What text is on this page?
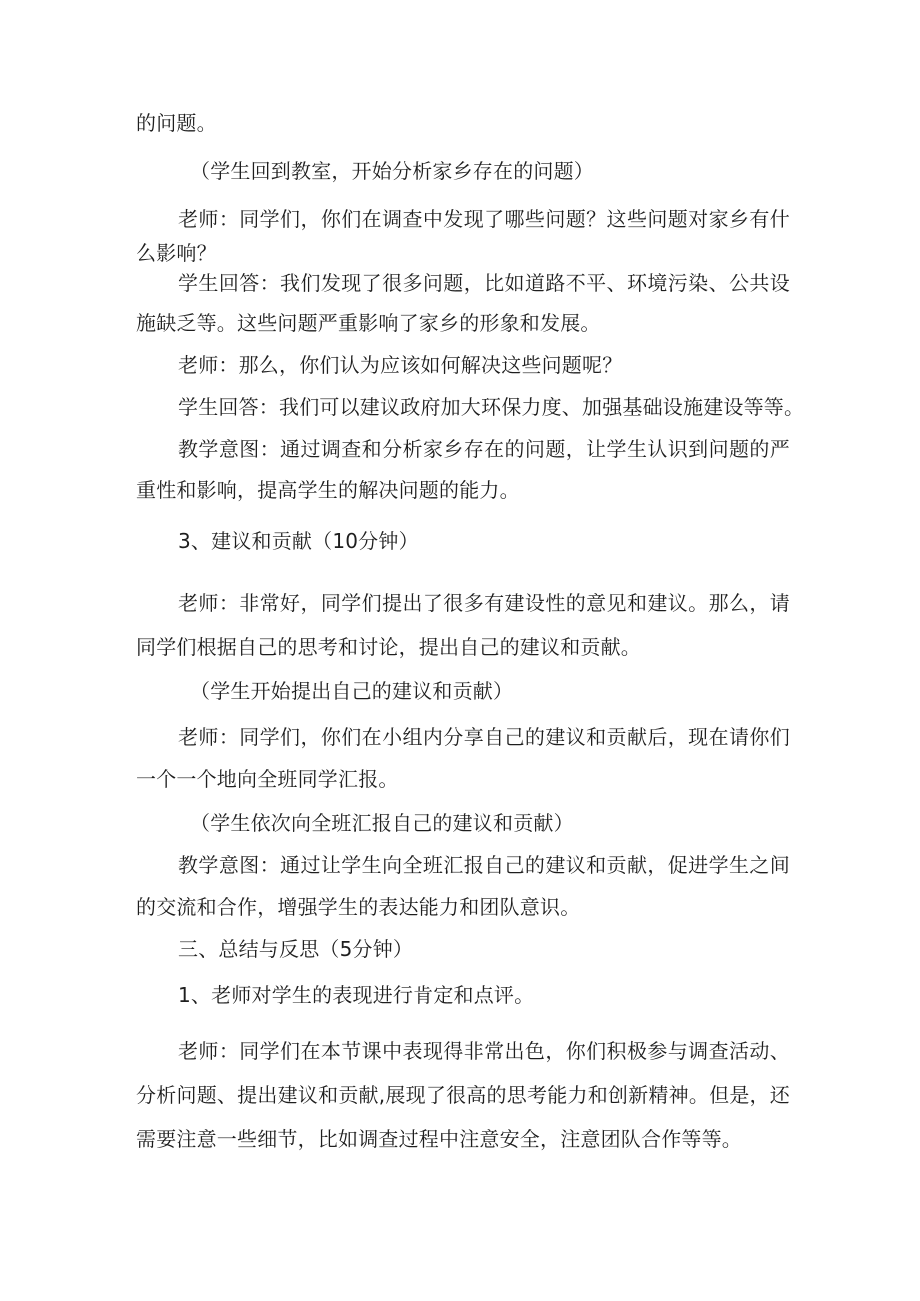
的问题。

（学生回到教室，开始分析家乡存在的问题）

老师：同学们，你们在调查中发现了哪些问题？这些问题对家乡有什

么影响？

学生回答：我们发现了很多问题，比如道路不平、环境污染、公共设

施缺乏等。这些问题严重影响了家乡的形象和发展。

老师：那么，你们认为应该如何解决这些问题呢？

学生回答：我们可以建议政府加大环保力度、加强基础设施建设等等。

教学意图：通过调查和分析家乡存在的问题，让学生认识到问题的严

重性和影响，提高学生的解决问题的能力。

3、建议和贡献（10分钟）

老师：非常好，同学们提出了很多有建设性的意见和建议。那么，请

同学们根据自己的思考和讨论，提出自己的建议和贡献。

（学生开始提出自己的建议和贡献）

老师：同学们，你们在小组内分享自己的建议和贡献后，现在请你们

一个一个地向全班同学汇报。

（学生依次向全班汇报自己的建议和贡献）

教学意图：通过让学生向全班汇报自己的建议和贡献，促进学生之间

的交流和合作，增强学生的表达能力和团队意识。

三、总结与反思（5分钟）

1、老师对学生的表现进行肯定和点评。

老师：同学们在本节课中表现得非常出色，你们积极参与调查活动、

分析问题、提出建议和贡献,展现了很高的思考能力和创新精神。但是，还

需要注意一些细节，比如调查过程中注意安全，注意团队合作等等。
